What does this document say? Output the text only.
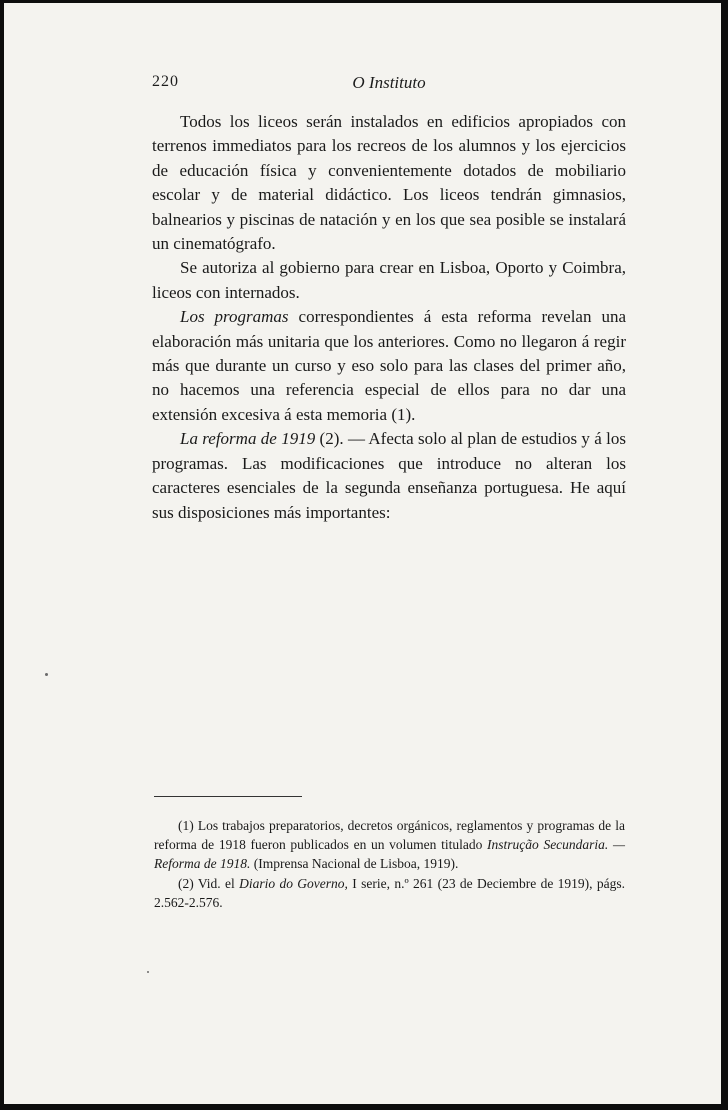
220	O Instituto

Todos los liceos serán instalados en edificios apropiados con terrenos immediatos para los recreos de los alumnos y los ejercicios de educación física y convenientemente dotados de mobiliario escolar y de material didáctico. Los liceos tendrán gimnasios, balnearios y piscinas de natación y en los que sea posible se instalará un cinematógrafo.

Se autoriza al gobierno para crear en Lisboa, Oporto y Coimbra, liceos con internados.

Los programas correspondientes á esta reforma revelan una elaboración más unitaria que los anteriores. Como no llegaron á regir más que durante un curso y eso solo para las clases del primer año, no hacemos una referencia especial de ellos para no dar una extensión excesiva á esta memoria (1).

La reforma de 1919 (2). — Afecta solo al plan de estudios y á los programas. Las modificaciones que introduce no alteran los caracteres esenciales de la segunda enseñanza portuguesa. He aquí sus disposiciones más importantes:

(1) Los trabajos preparatorios, decretos orgánicos, reglamentos y programas de la reforma de 1918 fueron publicados en un volumen titulado Instrução Secundaria. — Reforma de 1918. (Imprensa Nacional de Lisboa, 1919).

(2) Vid. el Diario do Governo, I serie, n.º 261 (23 de Deciembre de 1919), págs. 2.562-2.576.
